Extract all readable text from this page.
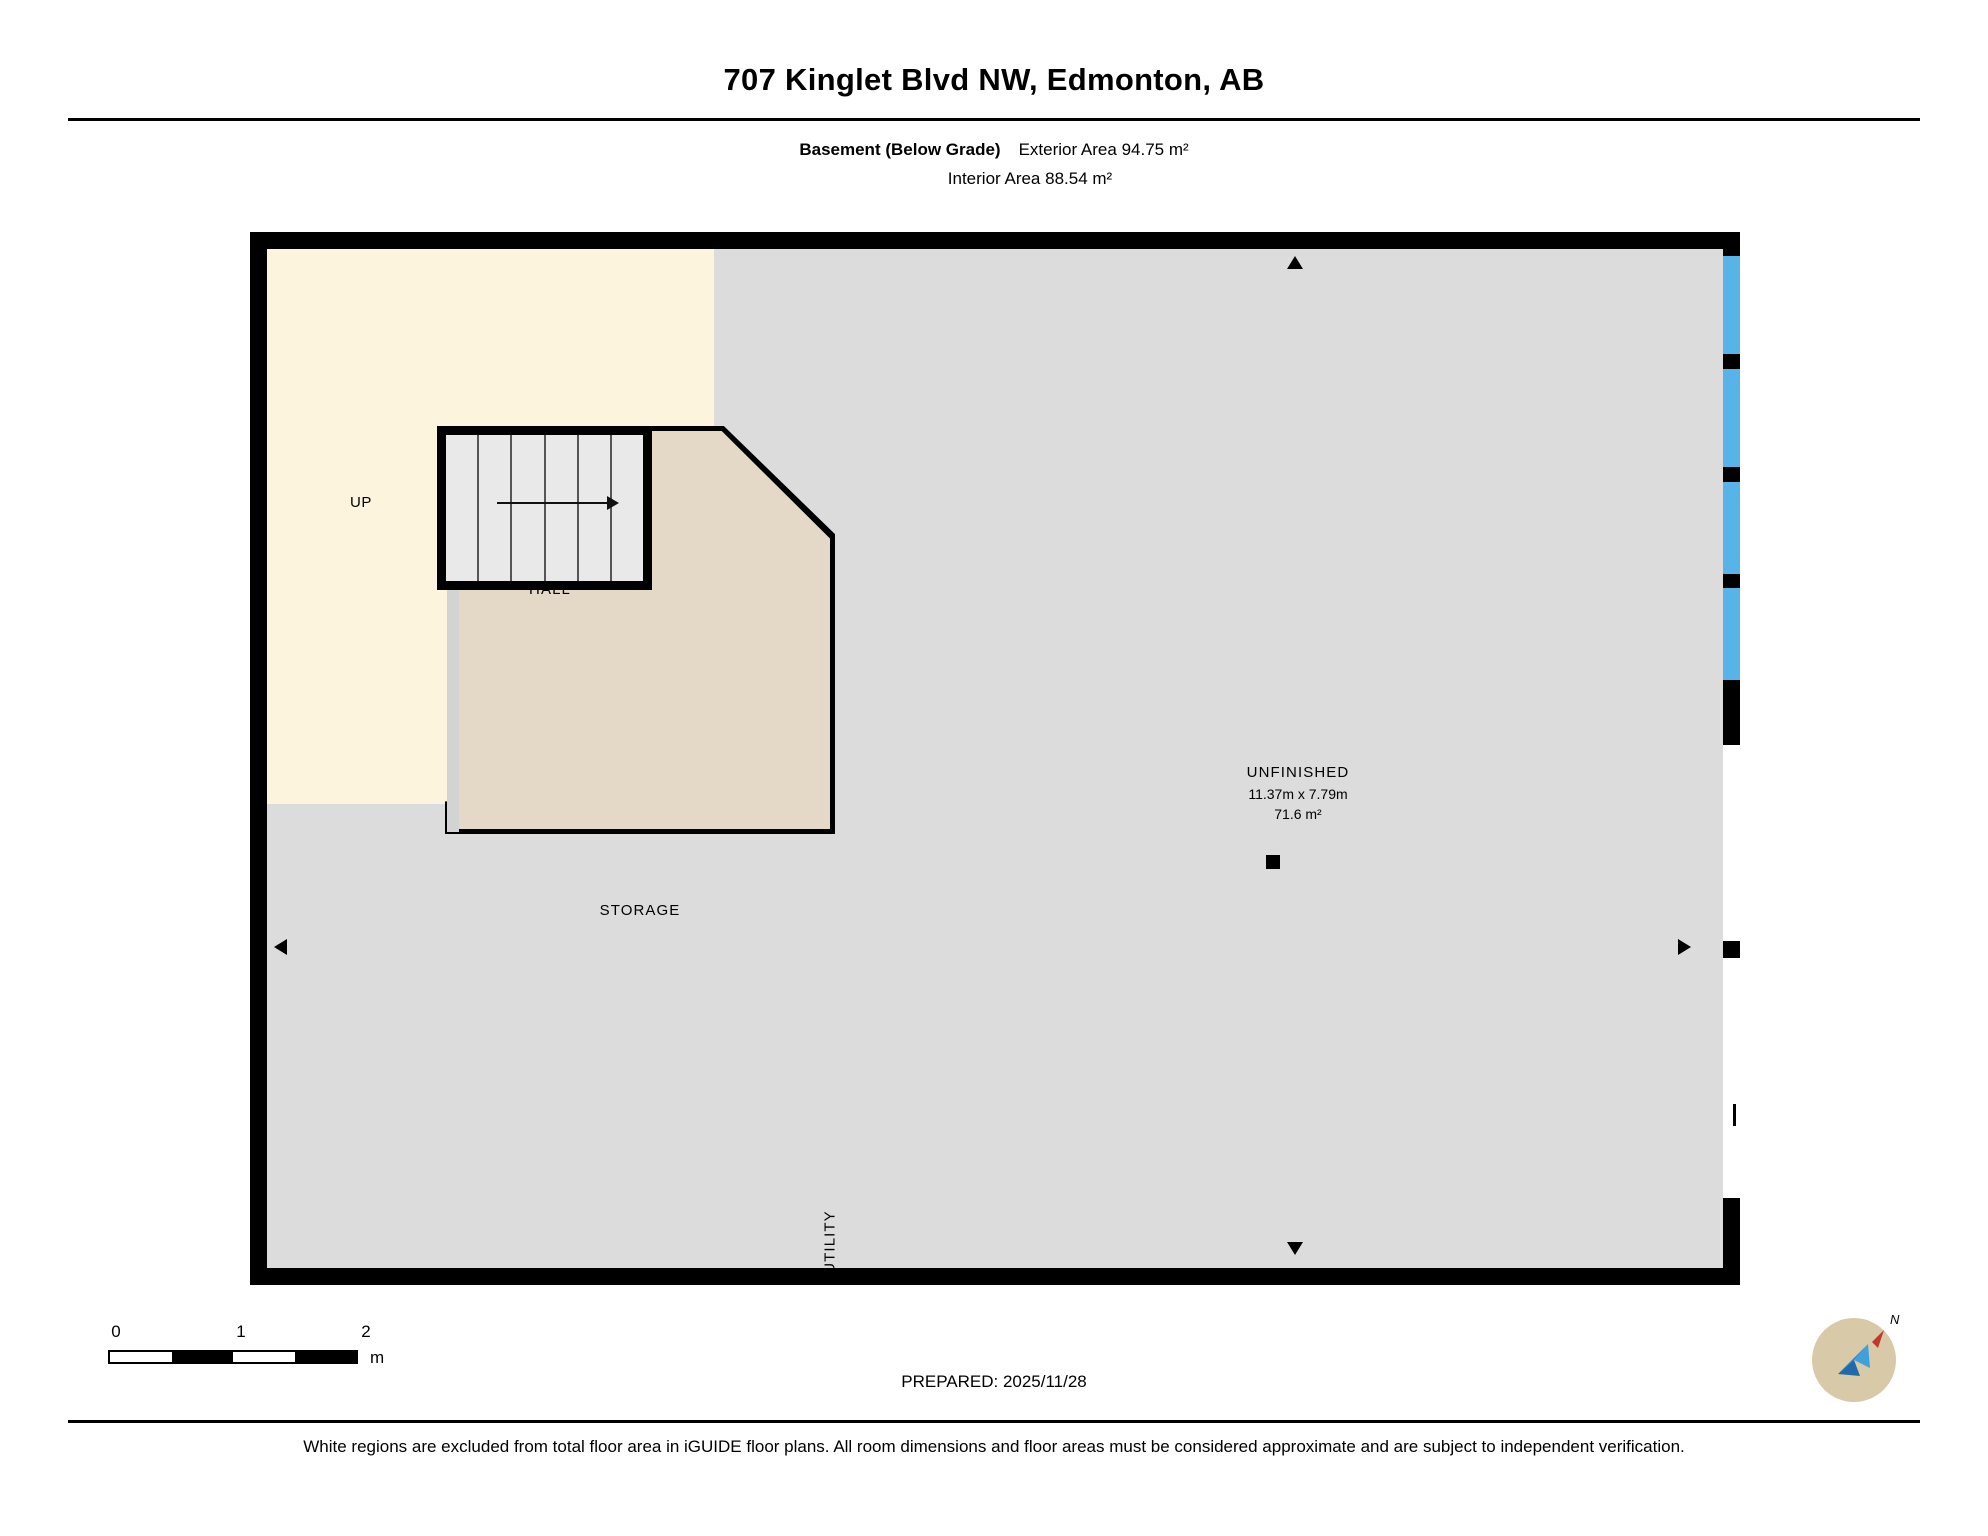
707 Kinglet Blvd NW, Edmonton, AB
Basement (Below Grade) Exterior Area 94.75 m²
Interior Area 88.54 m²
UP
HALL
STORAGE
UTILITY
UNFINISHED
11.37m x 7.79m
71.6 m²
0	1	2
m
PREPARED: 2025/11/28
N
White regions are excluded from total floor area in iGUIDE floor plans. All room dimensions and floor areas must be considered approximate and are subject to independent verification.
